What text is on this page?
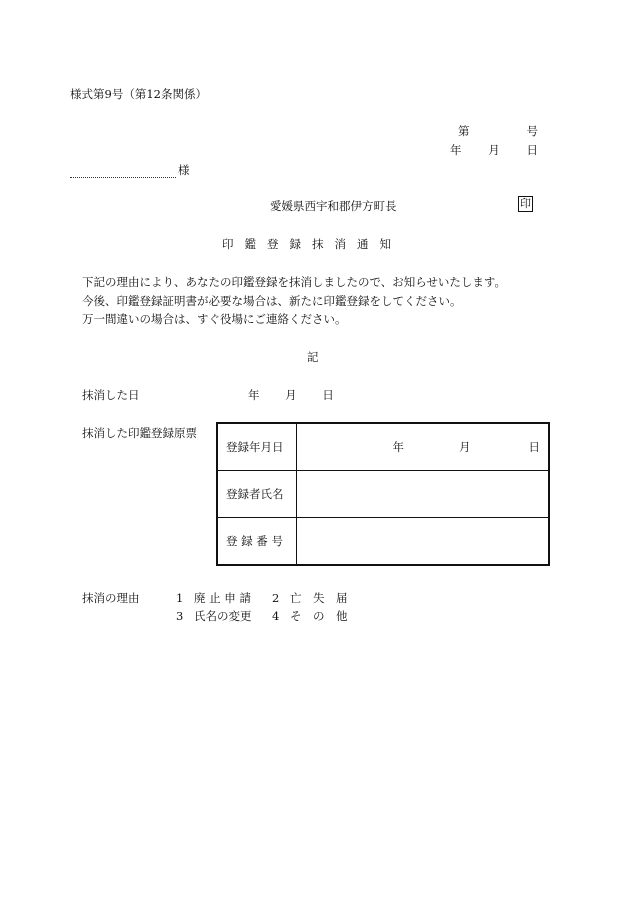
様式第9号（第12条関係）
第	号
年 月 日
様
愛媛県西宇和郡伊方町長	印
印鑑登録抹消通知
下記の理由により、あなたの印鑑登録を抹消しましたので、お知らせいたします。
今後、印鑑登録証明書が必要な場合は、新たに印鑑登録をしてください。
万一間違いの場合は、すぐ役場にご連絡ください。
記
抹消した日	年 月 日
抹消した印鑑登録原票
登録年月日	年 月 日

登録者氏名	
登 録 番 号	
抹消の理由	1 廃 止 申 請 2 亡　失　届
3 氏名の変更 4 そ　の　他
